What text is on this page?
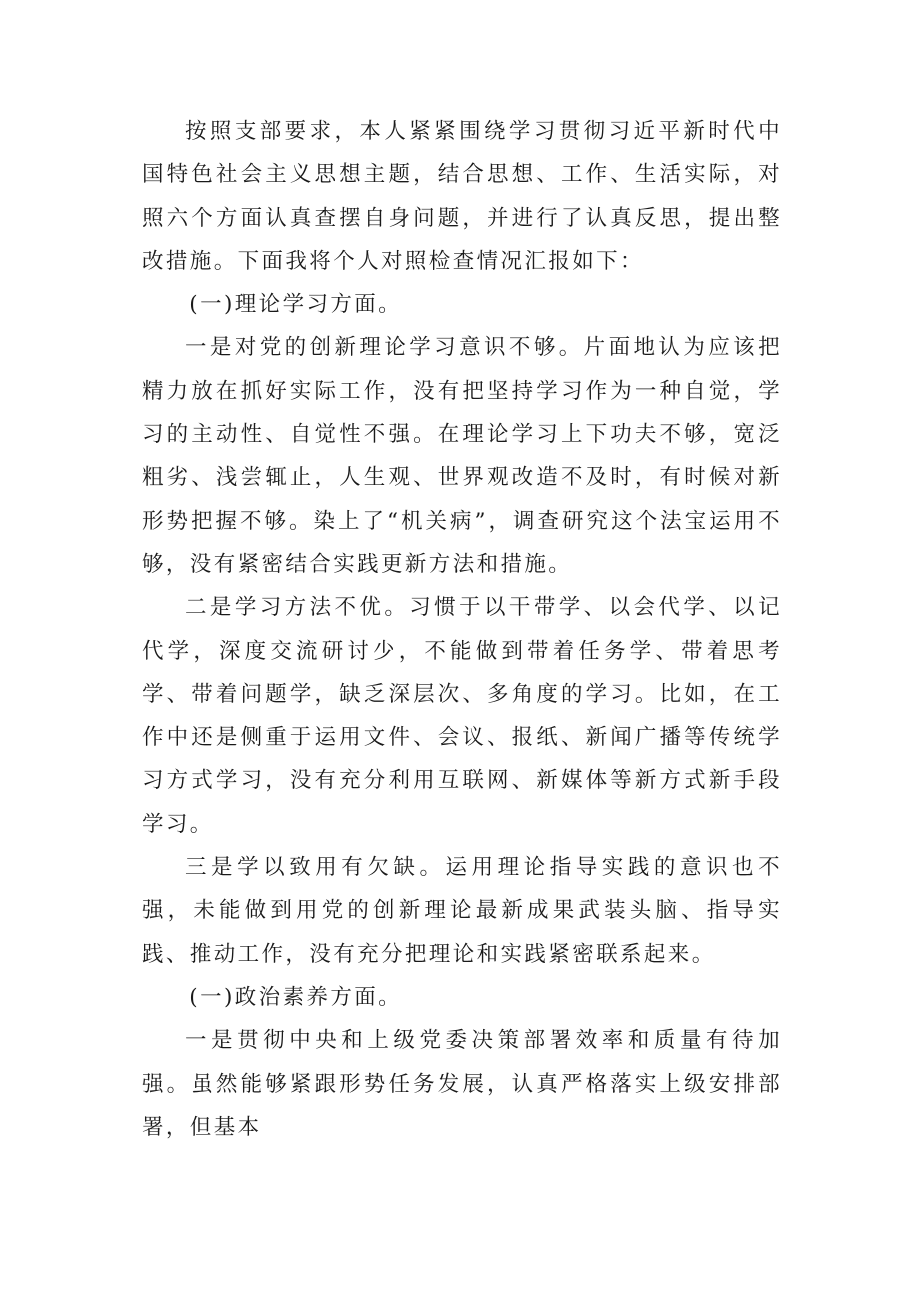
按照支部要求，本人紧紧围绕学习贯彻习近平新时代中国特色社会主义思想主题，结合思想、工作、生活实际，对照六个方面认真查摆自身问题，并进行了认真反思，提出整改措施。下面我将个人对照检查情况汇报如下：

(一)理论学习方面。

一是对党的创新理论学习意识不够。片面地认为应该把精力放在抓好实际工作，没有把坚持学习作为一种自觉，学习的主动性、自觉性不强。在理论学习上下功夫不够，宽泛粗劣、浅尝辄止，人生观、世界观改造不及时，有时候对新形势把握不够。染上了“机关病”，调查研究这个法宝运用不够，没有紧密结合实践更新方法和措施。

二是学习方法不优。习惯于以干带学、以会代学、以记代学，深度交流研讨少，不能做到带着任务学、带着思考学、带着问题学，缺乏深层次、多角度的学习。比如，在工作中还是侧重于运用文件、会议、报纸、新闻广播等传统学习方式学习，没有充分利用互联网、新媒体等新方式新手段学习。

三是学以致用有欠缺。运用理论指导实践的意识也不强，未能做到用党的创新理论最新成果武装头脑、指导实践、推动工作，没有充分把理论和实践紧密联系起来。

(一)政治素养方面。

一是贯彻中央和上级党委决策部署效率和质量有待加强。虽然能够紧跟形势任务发展，认真严格落实上级安排部署，但基本
